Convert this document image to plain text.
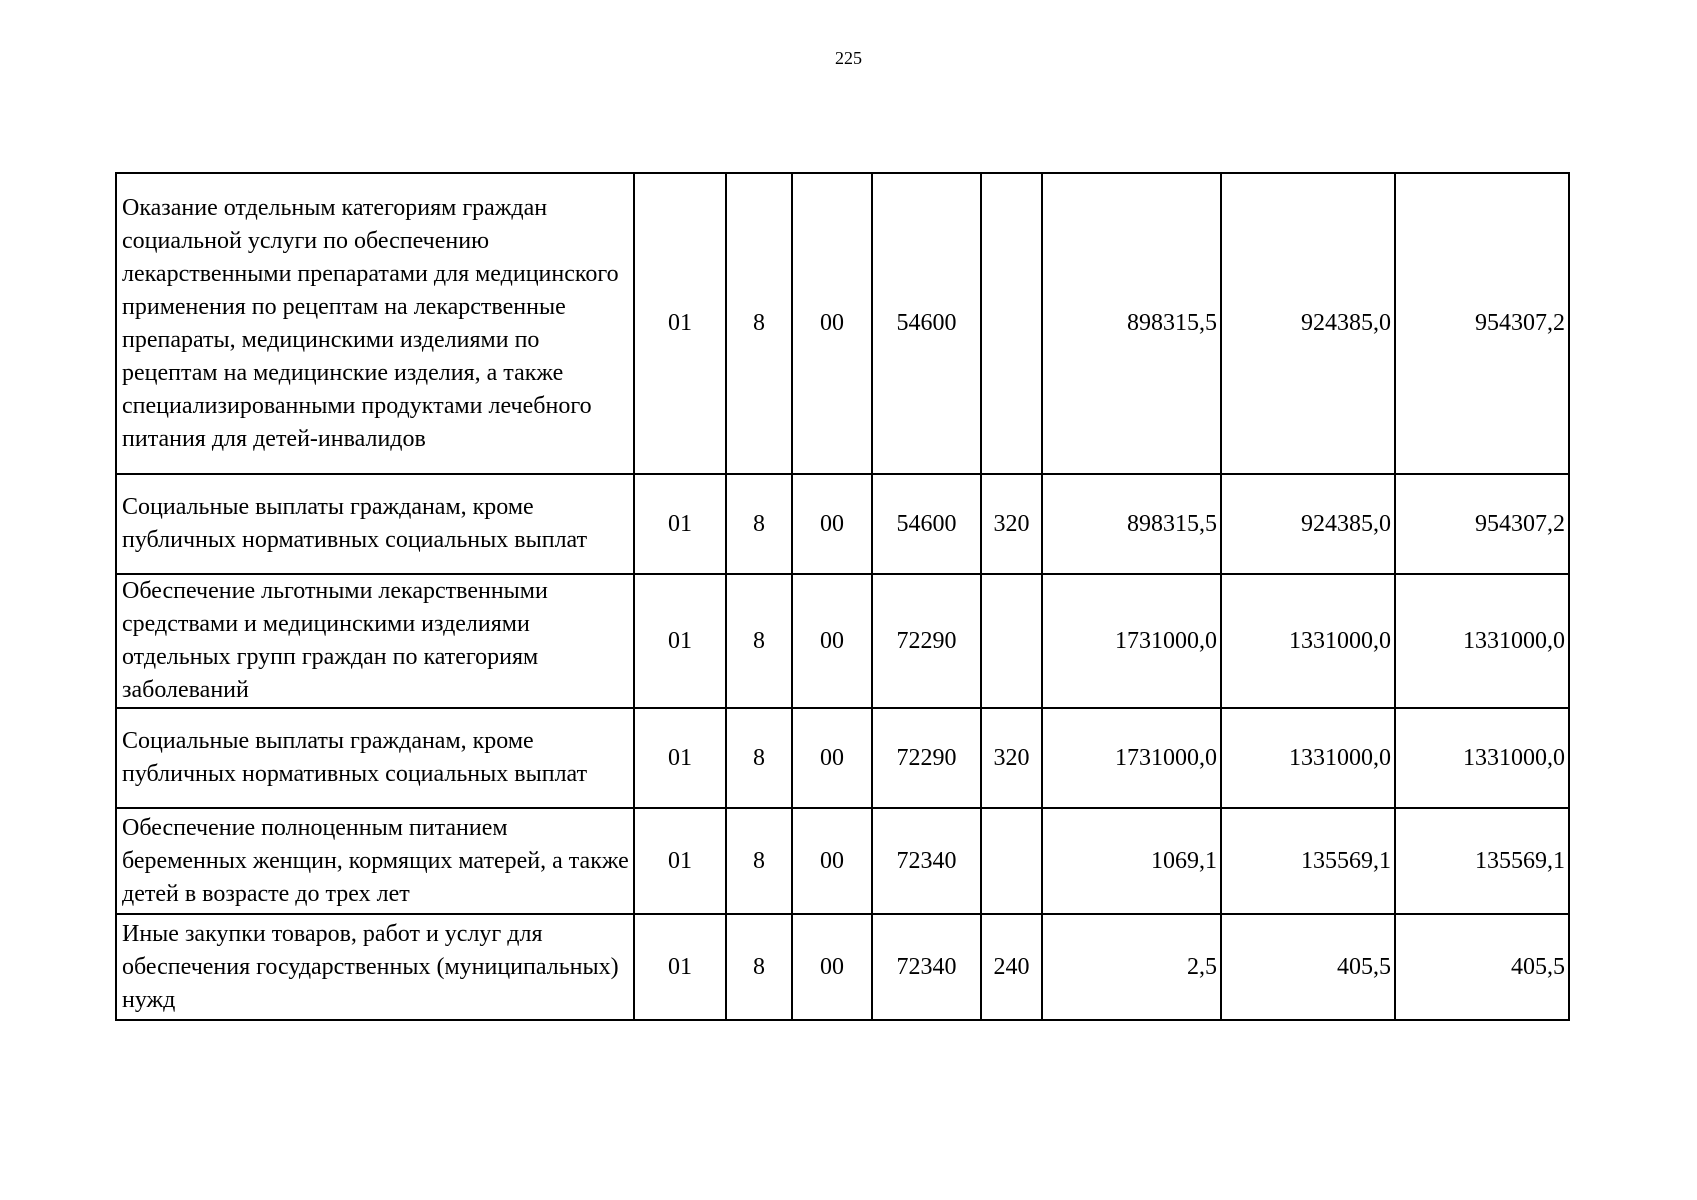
225
Оказание отдельным категориям граждан социальной услуги по обеспечению лекарственными препаратами для медицинского применения по рецептам на лекарственные препараты, медицинскими изделиями по рецептам на медицинские изделия, а также специализированными продуктами лечебного питания для детей-инвалидов	01	8	00	54600		898315,5	924385,0	954307,2
Социальные выплаты гражданам, кроме публичных нормативных социальных выплат	01	8	00	54600	320	898315,5	924385,0	954307,2
Обеспечение льготными лекарственными средствами и медицинскими изделиями отдельных групп граждан по категориям заболеваний	01	8	00	72290		1731000,0	1331000,0	1331000,0
Социальные выплаты гражданам, кроме публичных нормативных социальных выплат	01	8	00	72290	320	1731000,0	1331000,0	1331000,0
Обеспечение полноценным питанием беременных женщин, кормящих матерей, а также детей в возрасте до трех лет	01	8	00	72340		1069,1	135569,1	135569,1
Иные закупки товаров, работ и услуг для обеспечения государственных (муниципальных) нужд	01	8	00	72340	240	2,5	405,5	405,5
